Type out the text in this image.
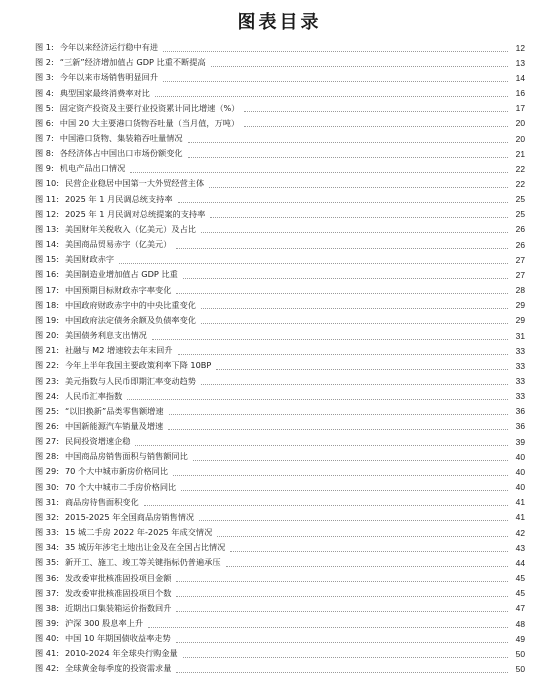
图表目录
图 1: 今年以来经济运行稳中有进	12
图 2: “三新”经济增加值占 GDP 比重不断提高	13
图 3: 今年以来市场销售明显回升	14
图 4: 典型国家最终消费率对比	16
图 5: 固定资产投资及主要行业投资累计同比增速（%）	17
图 6: 中国 20 大主要港口货物吞吐量（当月值，万吨）	20
图 7: 中国港口货物、集装箱吞吐量情况	20
图 8: 各经济体占中国出口市场份额变化	21
图 9: 机电产品出口情况	22
图 10: 民营企业稳居中国第一大外贸经营主体	22
图 11: 2025 年 1 月民调总统支持率	25
图 12: 2025 年 1 月民调对总统提案的支持率	25
图 13: 美国财年关税收入（亿美元）及占比	26
图 14: 美国商品贸易赤字（亿美元）	26
图 15: 美国财政赤字	27
图 16: 美国制造业增加值占 GDP 比重	27
图 17: 中国预期目标财政赤字率变化	28
图 18: 中国政府财政赤字中的中央比重变化	29
图 19: 中国政府法定债务余额及负债率变化	29
图 20: 美国债务利息支出情况	31
图 21: 社融与 M2 增速较去年末回升	33
图 22: 今年上半年我国主要政策利率下降 10BP	33
图 23: 美元指数与人民币即期汇率变动趋势	33
图 24: 人民币汇率指数	33
图 25: “以旧换新”品类零售额增速	36
图 26: 中国新能源汽车销量及增速	36
图 27: 民间投资增速企稳	39
图 28: 中国商品房销售面积与销售额同比	40
图 29: 70 个大中城市新房价格同比	40
图 30: 70 个大中城市二手房价格同比	40
图 31: 商品房待售面积变化	41
图 32: 2015-2025 年全国商品房销售情况	41
图 33: 15 城二手房 2022 年-2025 年成交情况	42
图 34: 35 城历年涉宅土地出让金及在全国占比情况	43
图 35: 新开工、施工、竣工等关键指标仍普遍承压	44
图 36: 发改委审批核准固投项目金额	45
图 37: 发改委审批核准固投项目个数	45
图 38: 近期出口集装箱运价指数回升	47
图 39: 沪深 300 股息率上升	48
图 40: 中国 10 年期国债收益率走势	49
图 41: 2010-2024 年全球央行购金量	50
图 42: 全球黄金每季度的投资需求量	50
